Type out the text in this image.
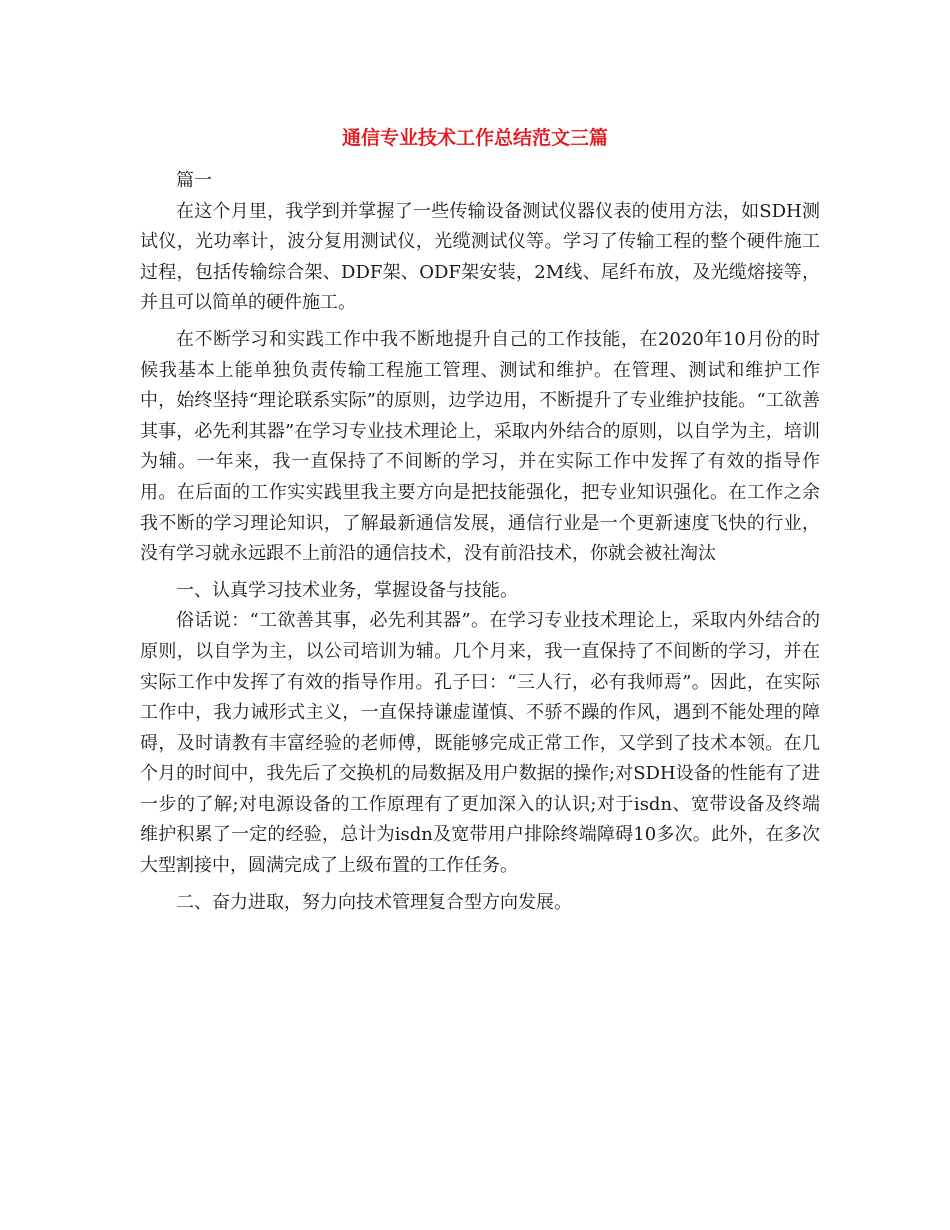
通信专业技术工作总结范文三篇

篇一

在这个月里，我学到并掌握了一些传输设备测试仪器仪表的使用方法，如SDH测试仪，光功率计，波分复用测试仪，光缆测试仪等。学习了传输工程的整个硬件施工过程，包括传输综合架、DDF架、ODF架安装，2M线、尾纤布放，及光缆熔接等，并且可以简单的硬件施工。

在不断学习和实践工作中我不断地提升自己的工作技能，在2020年10月份的时候我基本上能单独负责传输工程施工管理、测试和维护。在管理、测试和维护工作中，始终坚持“理论联系实际”的原则，边学边用，不断提升了专业维护技能。“工欲善其事，必先利其器”在学习专业技术理论上，采取内外结合的原则，以自学为主，培训为辅。一年来，我一直保持了不间断的学习，并在实际工作中发挥了有效的指导作用。在后面的工作实实践里我主要方向是把技能强化，把专业知识强化。在工作之余我不断的学习理论知识，了解最新通信发展，通信行业是一个更新速度飞快的行业，没有学习就永远跟不上前沿的通信技术，没有前沿技术，你就会被社淘汰

一、认真学习技术业务，掌握设备与技能。

俗话说：“工欲善其事，必先利其器”。在学习专业技术理论上，采取内外结合的原则，以自学为主，以公司培训为辅。几个月来，我一直保持了不间断的学习，并在实际工作中发挥了有效的指导作用。孔子曰：“三人行，必有我师焉”。因此，在实际工作中，我力诫形式主义，一直保持谦虚谨慎、不骄不躁的作风，遇到不能处理的障碍，及时请教有丰富经验的老师傅，既能够完成正常工作，又学到了技术本领。在几个月的时间中，我先后了交换机的局数据及用户数据的操作;对SDH设备的性能有了进一步的了解;对电源设备的工作原理有了更加深入的认识;对于isdn、宽带设备及终端维护积累了一定的经验，总计为isdn及宽带用户排除终端障碍10多次。此外，在多次大型割接中，圆满完成了上级布置的工作任务。

二、奋力进取，努力向技术管理复合型方向发展。
